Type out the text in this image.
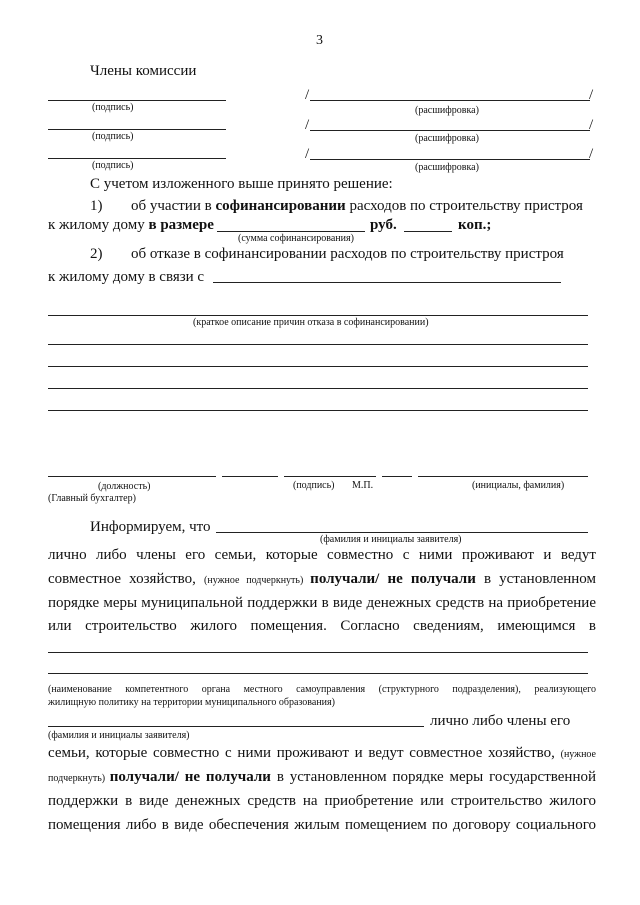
3
Члены комиссии
(подпись)
/	/
(расшифровка)
(подпись)
/	/
(расшифровка)
(подпись)
/	/
(расшифровка)
С учетом изложенного выше принято решение:
1) об участии в софинансировании расходов по строительству пристроя
к жилому дому в размере	руб.	коп.;
(сумма софинансирования)
2) об отказе в софинансировании расходов по строительству пристроя
к жилому дому в связи с
(краткое описание причин отказа в софинансировании)
(должность)	(подпись) М.П.	(инициалы, фамилия)
(Главный бухгалтер)
Информируем, что
(фамилия и инициалы заявителя)
лично либо члены его семьи, которые совместно с ними проживают и ведут
совместное хозяйство, (нужное подчеркнуть) получали/ не получали в установленном
порядке меры муниципальной поддержки в виде денежных средств на приобретение
или строительство жилого помещения. Согласно сведениям, имеющимся в
(наименование компетентного органа местного самоуправления (структурного подразделения), реализующего
жилищную политику на территории муниципального образования)
лично либо члены его
(фамилия и инициалы заявителя)
семьи, которые совместно с ними проживают и ведут совместное хозяйство, (нужное
подчеркнуть) получали/ не получали в установленном порядке меры государственной
поддержки в виде денежных средств на приобретение или строительство жилого
помещения либо в виде обеспечения жилым помещением по договору социального
